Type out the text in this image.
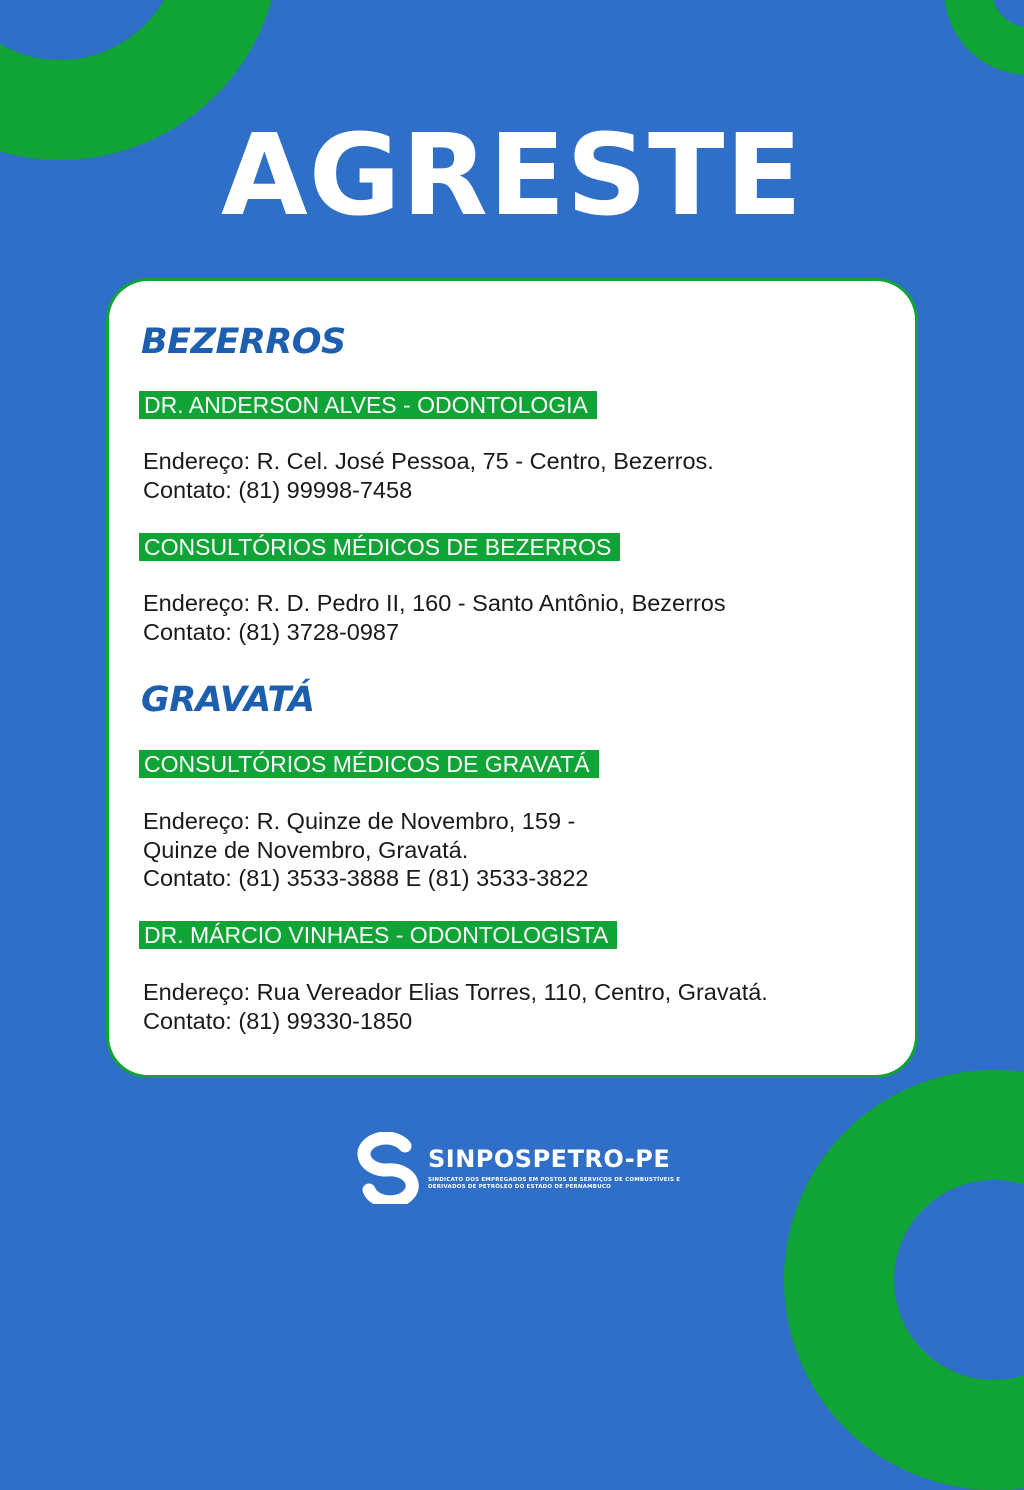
AGRESTE
BEZERROS
DR. ANDERSON ALVES - ODONTOLOGIA
Endereço: R. Cel. José Pessoa, 75 - Centro, Bezerros.
Contato: (81) 99998-7458
CONSULTÓRIOS MÉDICOS DE BEZERROS
Endereço: R. D. Pedro II, 160 - Santo Antônio, Bezerros
Contato: (81) 3728-0987
GRAVATÁ
CONSULTÓRIOS MÉDICOS DE GRAVATÁ
Endereço: R. Quinze de Novembro, 159 -
Quinze de Novembro, Gravatá.
Contato: (81) 3533-3888 E (81) 3533-3822
DR. MÁRCIO VINHAES - ODONTOLOGISTA
Endereço: Rua Vereador Elias Torres, 110, Centro, Gravatá.
Contato: (81) 99330-1850
SINPOSPETRO-PE
SINDICATO DOS EMPREGADOS EM POSTOS DE SERVIÇOS DE COMBUSTÍVEIS E
DERIVADOS DE PETRÓLEO DO ESTADO DE PERNAMBUCO
